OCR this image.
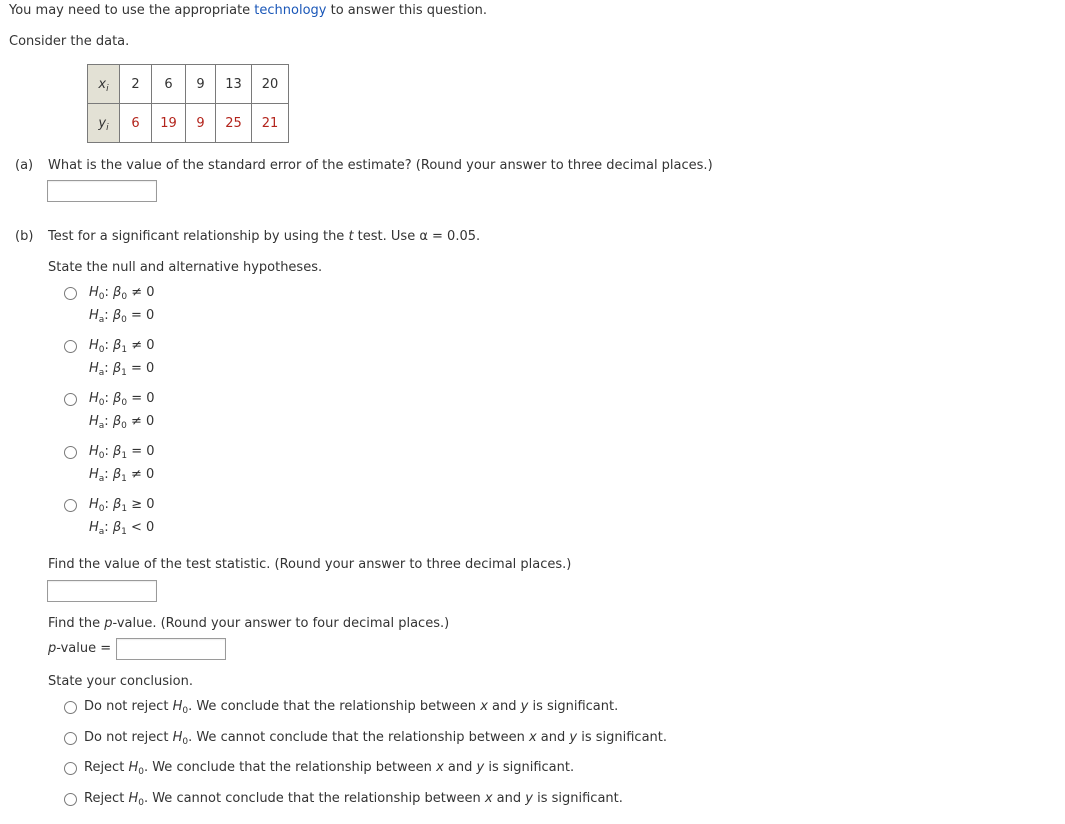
You may need to use the appropriate technology to answer this question.
Consider the data.
$x_i$	2	6	9	13	20
$y_i$	6	19	9	25	21
(a) What is the value of the standard error of the estimate? (Round your answer to three decimal places.)
(b) Test for a significant relationship by using the t test. Use α = 0.05.
State the null and alternative hypotheses.
$H_0$: $\beta_0 \ne 0$
$H_a$: $\beta_0 = 0$
$H_0$: $\beta_1 \ne 0$
$H_a$: $\beta_1 = 0$
$H_0$: $\beta_0 = 0$
$H_a$: $\beta_0 \ne 0$
$H_0$: $\beta_1 = 0$
$H_a$: $\beta_1 \ne 0$
$H_0$: $\beta_1 \ge 0$
$H_a$: $\beta_1 < 0$
Find the value of the test statistic. (Round your answer to three decimal places.)
Find the p-value. (Round your answer to four decimal places.)
p-value =
State your conclusion.
Do not reject $H_0$. We conclude that the relationship between x and y is significant.
Do not reject $H_0$. We cannot conclude that the relationship between x and y is significant.
Reject $H_0$. We conclude that the relationship between x and y is significant.
Reject $H_0$. We cannot conclude that the relationship between x and y is significant.
